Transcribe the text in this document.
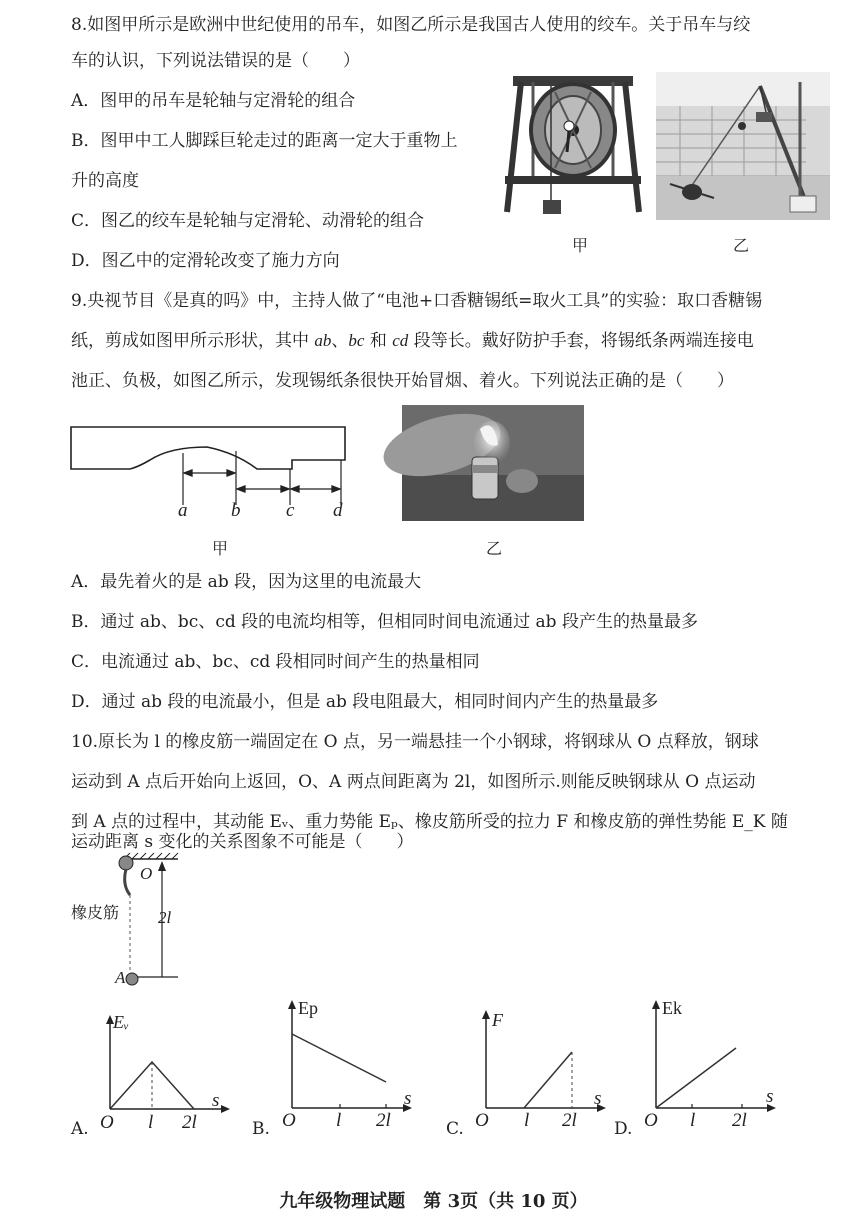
8.如图甲所示是欧洲中世纪使用的吊车，如图乙所示是我国古人使用的绞车。关于吊车与绞
车的认识，下列说法错误的是（　　）
A．图甲的吊车是轮轴与定滑轮的组合
B．图甲中工人脚踩巨轮走过的距离一定大于重物上
升的高度
C．图乙的绞车是轮轴与定滑轮、动滑轮的组合
D．图乙中的定滑轮改变了施力方向
甲	乙
9.央视节目《是真的吗》中，主持人做了“电池+口香糖锡纸=取火工具”的实验：取口香糖锡
纸，剪成如图甲所示形状，其中 ab、bc 和 cd 段等长。戴好防护手套，将锡纸条两端连接电
池正、负极，如图乙所示，发现锡纸条很快开始冒烟、着火。下列说法正确的是（　　）
a b c d
甲	乙
A．最先着火的是 ab 段，因为这里的电流最大
B．通过 ab、bc、cd 段的电流均相等，但相同时间电流通过 ab 段产生的热量最多
C．电流通过 ab、bc、cd 段相同时间产生的热量相同
D．通过 ab 段的电流最小，但是 ab 段电阻最大，相同时间内产生的热量最多
10.原长为 l 的橡皮筋一端固定在 O 点，另一端悬挂一个小钢球，将钢球从 O 点释放，钢球
运动到 A 点后开始向上返回，O、A 两点间距离为 2l，如图所示.则能反映钢球从 O 点运动
到 A 点的过程中，其动能 Eᵥ、重力势能 Eₚ、橡皮筋所受的拉力 F 和橡皮筋的弹性势能 E_K 随
运动距离 s 变化的关系图象不可能是（　　）
O
橡皮筋 2l
A
Eᵥ
s
A. O l 2l
Ep
s
B. O l 2l
F
s
C. O l 2l
Ek
s
D. O l 2l
九年级物理试题　第 3页（共 10 页）
